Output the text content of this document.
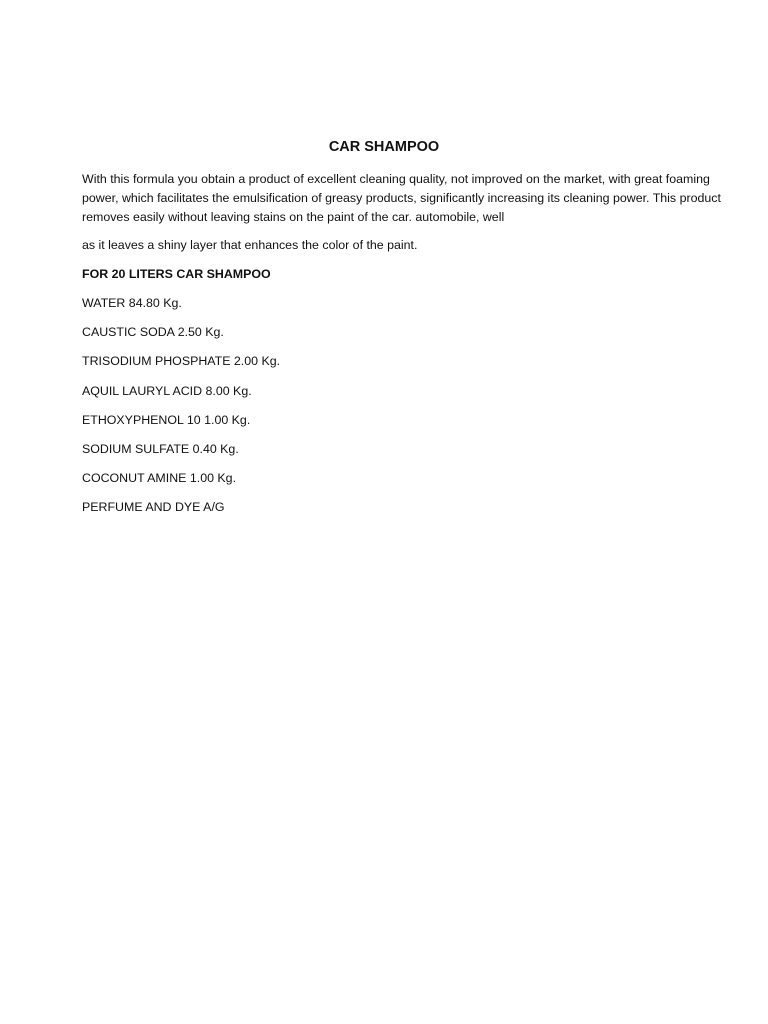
CAR SHAMPOO

With this formula you obtain a product of excellent cleaning quality, not improved on the market, with great foaming power, which facilitates the emulsification of greasy products, significantly increasing its cleaning power. This product removes easily without leaving stains on the paint of the car. automobile, well

as it leaves a shiny layer that enhances the color of the paint.

FOR 20 LITERS CAR SHAMPOO

WATER 84.80 Kg.
CAUSTIC SODA 2.50 Kg.
TRISODIUM PHOSPHATE 2.00 Kg.
AQUIL LAURYL ACID 8.00 Kg.
ETHOXYPHENOL 10 1.00 Kg.
SODIUM SULFATE 0.40 Kg.
COCONUT AMINE 1.00 Kg.
PERFUME AND DYE A/G
